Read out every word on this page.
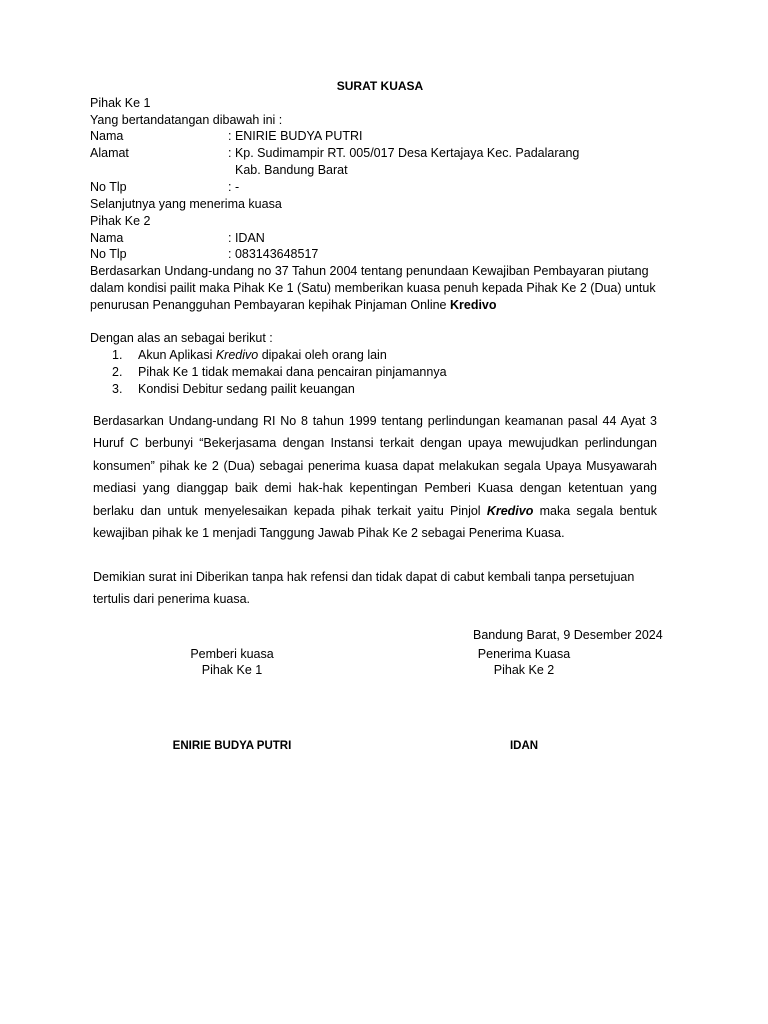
SURAT KUASA
Pihak Ke 1
Yang bertandatangan dibawah ini :
Nama	: ENIRIE BUDYA PUTRI
Alamat	: Kp. Sudimampir RT. 005/017 Desa Kertajaya Kec. Padalarang
Kab. Bandung Barat
No Tlp	: -
Selanjutnya yang menerima kuasa
Pihak Ke 2
Nama	: IDAN
No Tlp	: 083143648517
Berdasarkan Undang-undang no 37 Tahun 2004 tentang penundaan Kewajiban Pembayaran piutang
dalam kondisi pailit maka Pihak Ke 1 (Satu) memberikan kuasa penuh kepada Pihak Ke 2 (Dua) untuk
penurusan Penangguhan Pembayaran kepihak Pinjaman Online Kredivo
Dengan alas an sebagai berikut :
1. Akun Aplikasi Kredivo dipakai oleh orang lain
2. Pihak Ke 1 tidak memakai dana pencairan pinjamannya
3. Kondisi Debitur sedang pailit keuangan
Berdasarkan Undang-undang RI No 8 tahun 1999 tentang perlindungan keamanan pasal 44 Ayat 3 Huruf C berbunyi “Bekerjasama dengan Instansi terkait dengan upaya mewujudkan perlindungan konsumen” pihak ke 2 (Dua) sebagai penerima kuasa dapat melakukan segala Upaya Musyawarah mediasi yang dianggap baik demi hak-hak kepentingan Pemberi Kuasa dengan ketentuan yang berlaku dan untuk menyelesaikan kepada pihak terkait yaitu Pinjol Kredivo maka segala bentuk kewajiban pihak ke 1 menjadi Tanggung Jawab Pihak Ke 2 sebagai Penerima Kuasa.
Demikian surat ini Diberikan tanpa hak refensi dan tidak dapat di cabut kembali tanpa persetujuan tertulis dari penerima kuasa.
Bandung Barat, 9 Desember 2024
Pemberi kuasa
Pihak Ke 1
ENIRIE BUDYA PUTRI
Penerima Kuasa
Pihak Ke 2
IDAN
